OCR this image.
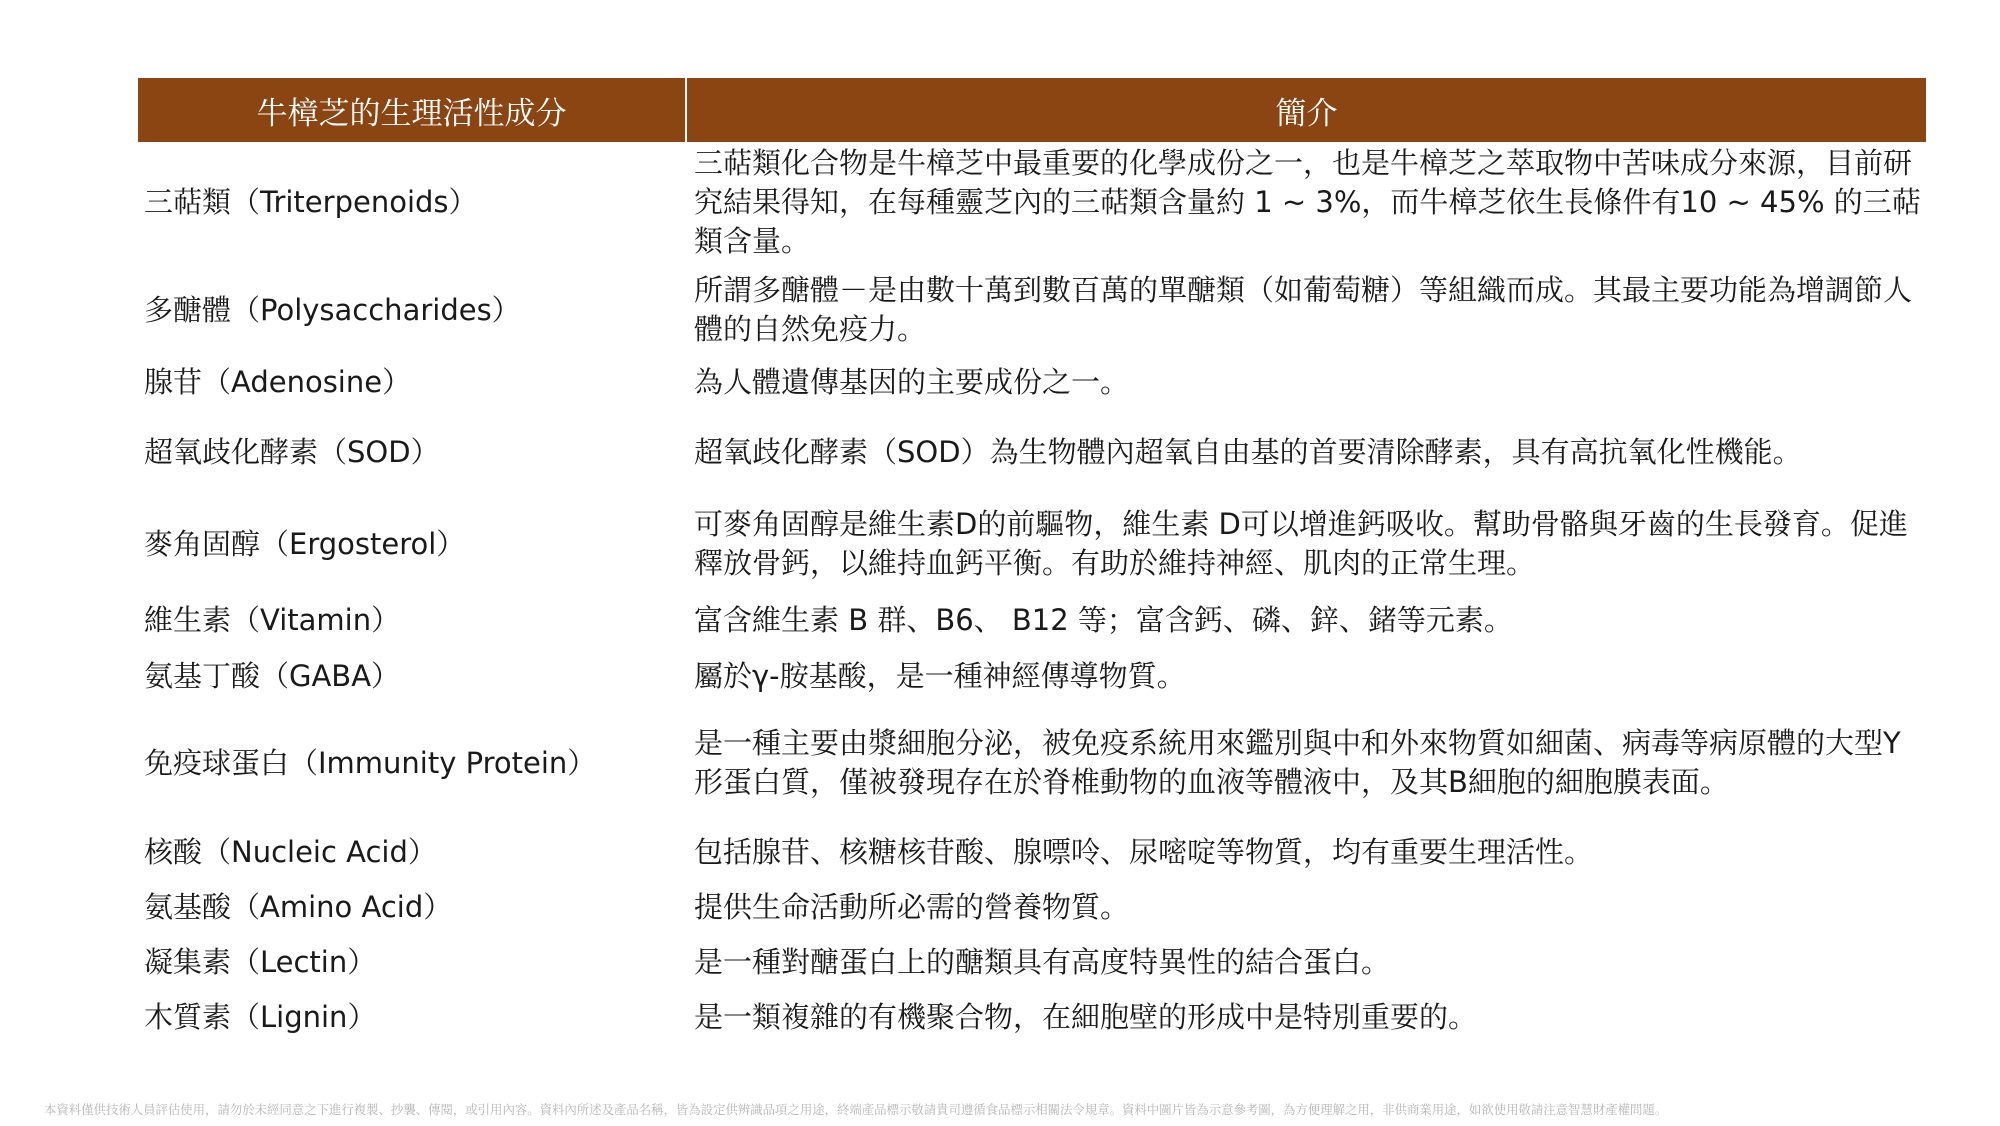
牛樟芝的生理活性成分	簡介
三萜類（Triterpenoids）	三萜類化合物是牛樟芝中最重要的化學成份之一，也是牛樟芝之萃取物中苦味成分來源，目前研究結果得知，在每種靈芝內的三萜類含量約 1 ~ 3%，而牛樟芝依生長條件有10 ~ 45% 的三萜類含量。
多醣體（Polysaccharides）	所謂多醣體－是由數十萬到數百萬的單醣類（如葡萄糖）等組織而成。其最主要功能為增調節人體的自然免疫力。
腺苷（Adenosine）	為人體遺傳基因的主要成份之一。
超氧歧化酵素（SOD）	超氧歧化酵素（SOD）為生物體內超氧自由基的首要清除酵素，具有高抗氧化性機能。
麥角固醇（Ergosterol）	可麥角固醇是維生素D的前驅物，維生素 D可以增進鈣吸收。幫助骨骼與牙齒的生長發育。促進釋放骨鈣，以維持血鈣平衡。有助於維持神經、肌肉的正常生理。
維生素（Vitamin）	富含維生素 B 群、B6、 B12 等；富含鈣、磷、鋅、鍺等元素。
氨基丁酸（GABA）	屬於γ-胺基酸，是一種神經傳導物質。
免疫球蛋白（Immunity Protein）	是一種主要由漿細胞分泌，被免疫系統用來鑑別與中和外來物質如細菌、病毒等病原體的大型Y形蛋白質，僅被發現存在於脊椎動物的血液等體液中，及其B細胞的細胞膜表面。
核酸（Nucleic Acid）	包括腺苷、核糖核苷酸、腺嘌呤、尿嘧啶等物質，均有重要生理活性。
氨基酸（Amino Acid）	提供生命活動所必需的營養物質。
凝集素（Lectin）	是一種對醣蛋白上的醣類具有高度特異性的結合蛋白。
木質素（Lignin）	是一類複雜的有機聚合物，在細胞壁的形成中是特別重要的。
本資料僅供技術人員評估使用，請勿於未經同意之下進行複製、抄襲、傳閱，或引用內容。資料內所述及產品名稱，皆為設定供辨識品項之用途，終端產品標示敬請貴司遵循食品標示相關法令規章。資料中圖片皆為示意參考圖，為方便理解之用，非供商業用途，如欲使用敬請注意智慧財產權問題。
